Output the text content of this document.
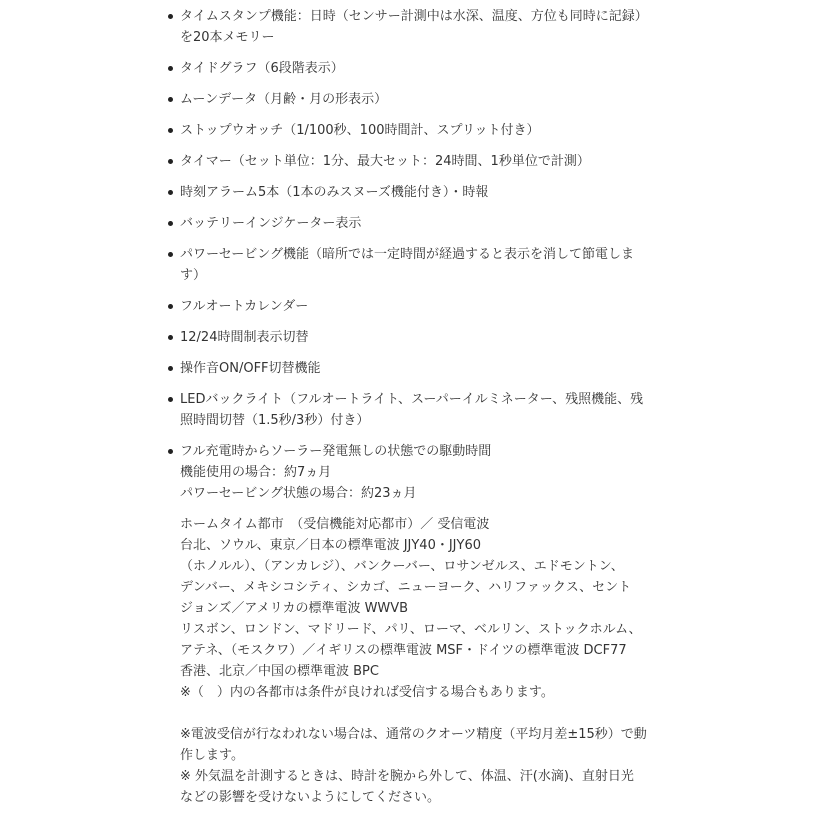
タイムスタンプ機能：日時（センサー計測中は水深、温度、方位も同時に記録）
を20本メモリー
タイドグラフ（6段階表示）
ムーンデータ（月齢・月の形表示）
ストップウオッチ（1/100秒、100時間計、スプリット付き）
タイマー（セット単位：1分、最大セット：24時間、1秒単位で計測）
時刻アラーム5本（1本のみスヌーズ機能付き）・時報
バッテリーインジケーター表示
パワーセービング機能（暗所では一定時間が経過すると表示を消して節電しま
す）
フルオートカレンダー
12/24時間制表示切替
操作音ON/OFF切替機能
LEDバックライト（フルオートライト、スーパーイルミネーター、残照機能、残
照時間切替（1.5秒/3秒）付き）
フル充電時からソーラー発電無しの状態での駆動時間
機能使用の場合：約7ヵ月
パワーセービング状態の場合：約23ヵ月
ホームタイム都市　（受信機能対応都市）／ 受信電波
台北、ソウル、東京／日本の標準電波 JJY40・JJY60
（ホノルル）、（アンカレジ）、バンクーバー、ロサンゼルス、エドモントン、
デンバー、メキシコシティ、シカゴ、ニューヨーク、ハリファックス、セント
ジョンズ／アメリカの標準電波 WWVB
リスボン、ロンドン、マドリード、パリ、ローマ、ベルリン、ストックホルム、
アテネ、（モスクワ）／イギリスの標準電波 MSF・ドイツの標準電波 DCF77
香港、北京／中国の標準電波 BPC
※（　）内の各都市は条件が良ければ受信する場合もあります。
※電波受信が行なわれない場合は、通常のクオーツ精度（平均月差±15秒）で動
作します。
※ 外気温を計測するときは、時計を腕から外して、体温、汗(水滴)、直射日光
などの影響を受けないようにしてください。
